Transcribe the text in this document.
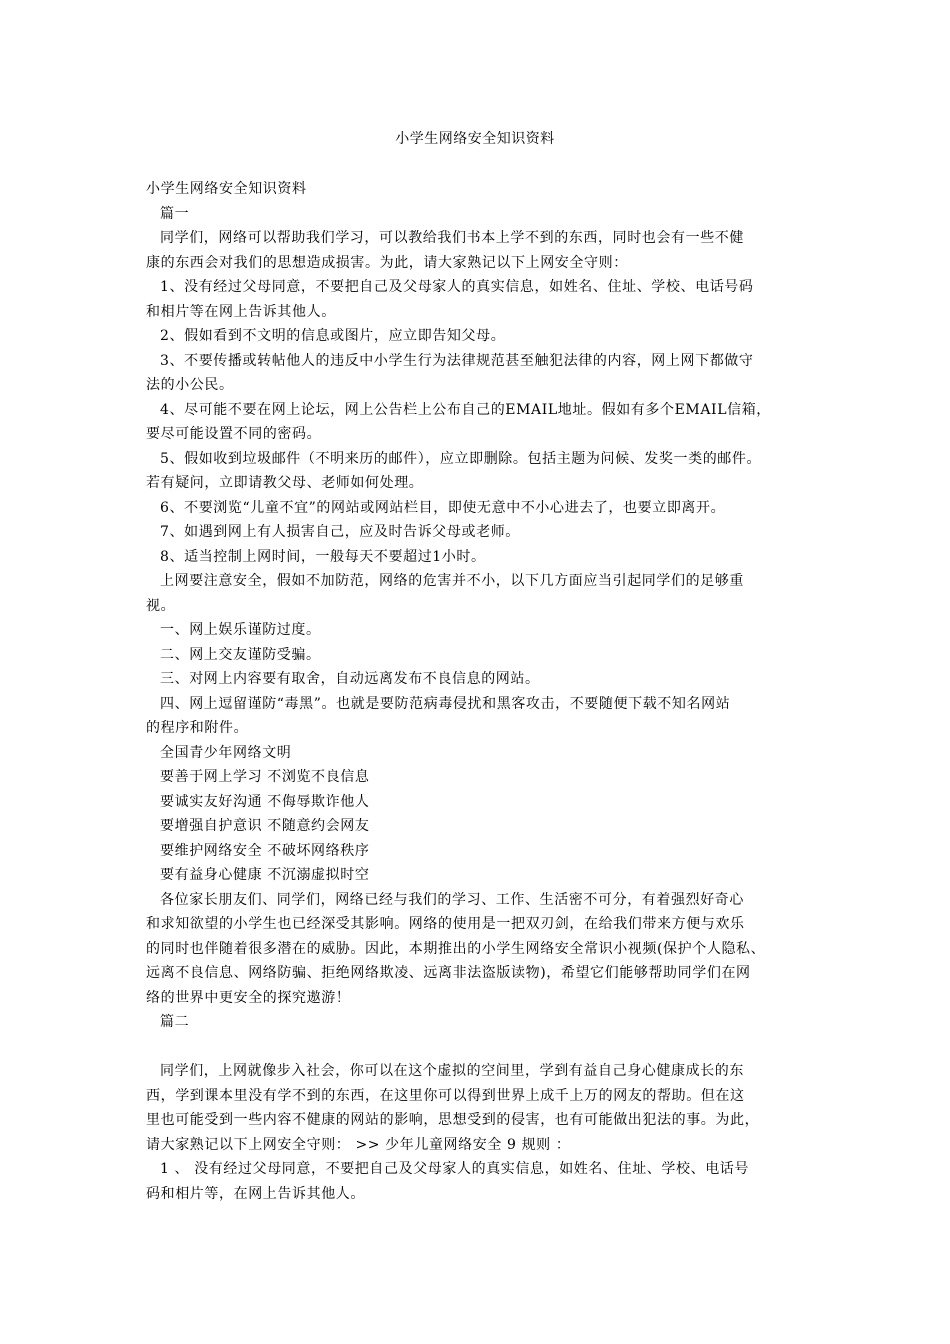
小学生网络安全知识资料

小学生网络安全知识资料

篇一

同学们，网络可以帮助我们学习，可以教给我们书本上学不到的东西，同时也会有一些不健

康的东西会对我们的思想造成损害。为此，请大家熟记以下上网安全守则：

1、没有经过父母同意，不要把自己及父母家人的真实信息，如姓名、住址、学校、电话号码

和相片等在网上告诉其他人。

2、假如看到不文明的信息或图片，应立即告知父母。

3、不要传播或转帖他人的违反中小学生行为法律规范甚至触犯法律的内容，网上网下都做守

法的小公民。

4、尽可能不要在网上论坛，网上公告栏上公布自己的EMAIL地址。假如有多个EMAIL信箱，

要尽可能设置不同的密码。

5、假如收到垃圾邮件（不明来历的邮件），应立即删除。包括主题为问候、发奖一类的邮件。

若有疑问，立即请教父母、老师如何处理。

6、不要浏览“儿童不宜”的网站或网站栏目，即使无意中不小心进去了，也要立即离开。

7、如遇到网上有人损害自己，应及时告诉父母或老师。

8、适当控制上网时间，一般每天不要超过1小时。

上网要注意安全，假如不加防范，网络的危害并不小，以下几方面应当引起同学们的足够重

视。

一、网上娱乐谨防过度。

二、网上交友谨防受骗。

三、对网上内容要有取舍，自动远离发布不良信息的网站。

四、网上逗留谨防“毒黑”。也就是要防范病毒侵扰和黑客攻击，不要随便下载不知名网站

的程序和附件。

全国青少年网络文明

要善于网上学习 不浏览不良信息

要诚实友好沟通 不侮辱欺诈他人

要增强自护意识 不随意约会网友

要维护网络安全 不破坏网络秩序

要有益身心健康 不沉溺虚拟时空

各位家长朋友们、同学们，网络已经与我们的学习、工作、生活密不可分，有着强烈好奇心

和求知欲望的小学生也已经深受其影响。网络的使用是一把双刃剑，在给我们带来方便与欢乐

的同时也伴随着很多潜在的威胁。因此，本期推出的小学生网络安全常识小视频(保护个人隐私、

远离不良信息、网络防骗、拒绝网络欺凌、远离非法盗版读物)，希望它们能够帮助同学们在网

络的世界中更安全的探究遨游！

篇二

同学们，上网就像步入社会，你可以在这个虚拟的空间里，学到有益自己身心健康成长的东

西，学到课本里没有学不到的东西，在这里你可以得到世界上成千上万的网友的帮助。但在这

里也可能受到一些内容不健康的网站的影响，思想受到的侵害，也有可能做出犯法的事。为此，

请大家熟记以下上网安全守则： >> 少年儿童网络安全 9 规则 ：

1 、 没有经过父母同意，不要把自己及父母家人的真实信息，如姓名、住址、学校、电话号

码和相片等，在网上告诉其他人。
